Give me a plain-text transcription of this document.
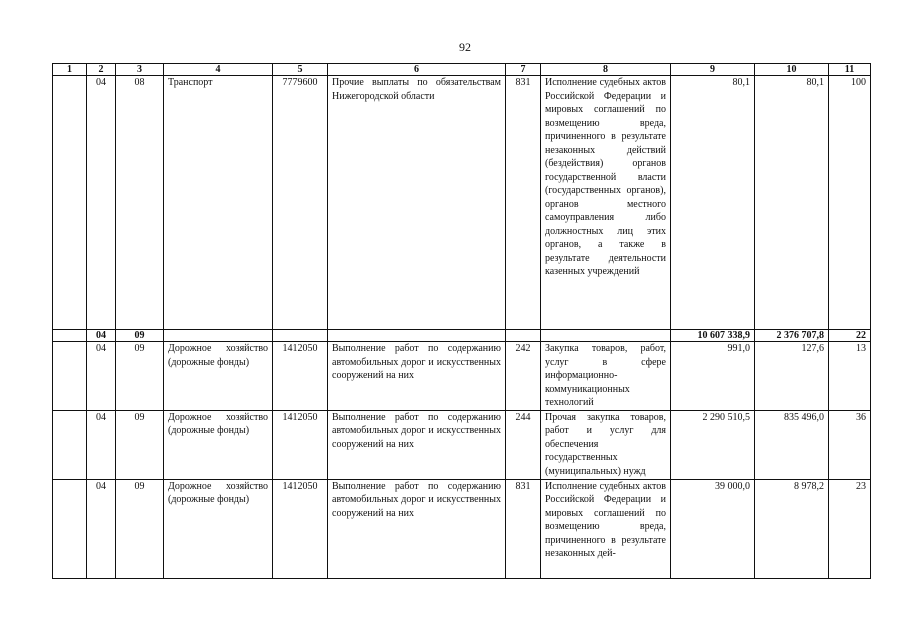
92
1	2	3	4	5	6	7	8	9	10	11
	04	08	Транспорт	7779600	Прочие выплаты по обязательствам Нижегородской области	831	Исполнение судебных актов Российской Федерации и мировых соглашений по возмещению вреда, причиненного в результате незаконных действий (бездействия) органов государственной власти (государственных органов), органов местного самоуправления либо должностных лиц этих органов, а также в результате деятельности казенных учреждений	80,1	80,1	100
	04	09						10 607 338,9	2 376 707,8	22
	04	09	Дорожное хозяйство (дорожные фонды)	1412050	Выполнение работ по содержанию автомобильных дорог и искусственных сооружений на них	242	Закупка товаров, работ, услуг в сфере информационно-коммуникационных технологий	991,0	127,6	13
	04	09	Дорожное хозяйство (дорожные фонды)	1412050	Выполнение работ по содержанию автомобильных дорог и искусственных сооружений на них	244	Прочая закупка товаров, работ и услуг для обеспечения государственных (муниципальных) нужд	2 290 510,5	835 496,0	36
	04	09	Дорожное хозяйство (дорожные фонды)	1412050	Выполнение работ по содержанию автомобильных дорог и искусственных сооружений на них	831	Исполнение судебных актов Российской Федерации и мировых соглашений по возмещению вреда, причиненного в результате незаконных дей-	39 000,0	8 978,2	23
